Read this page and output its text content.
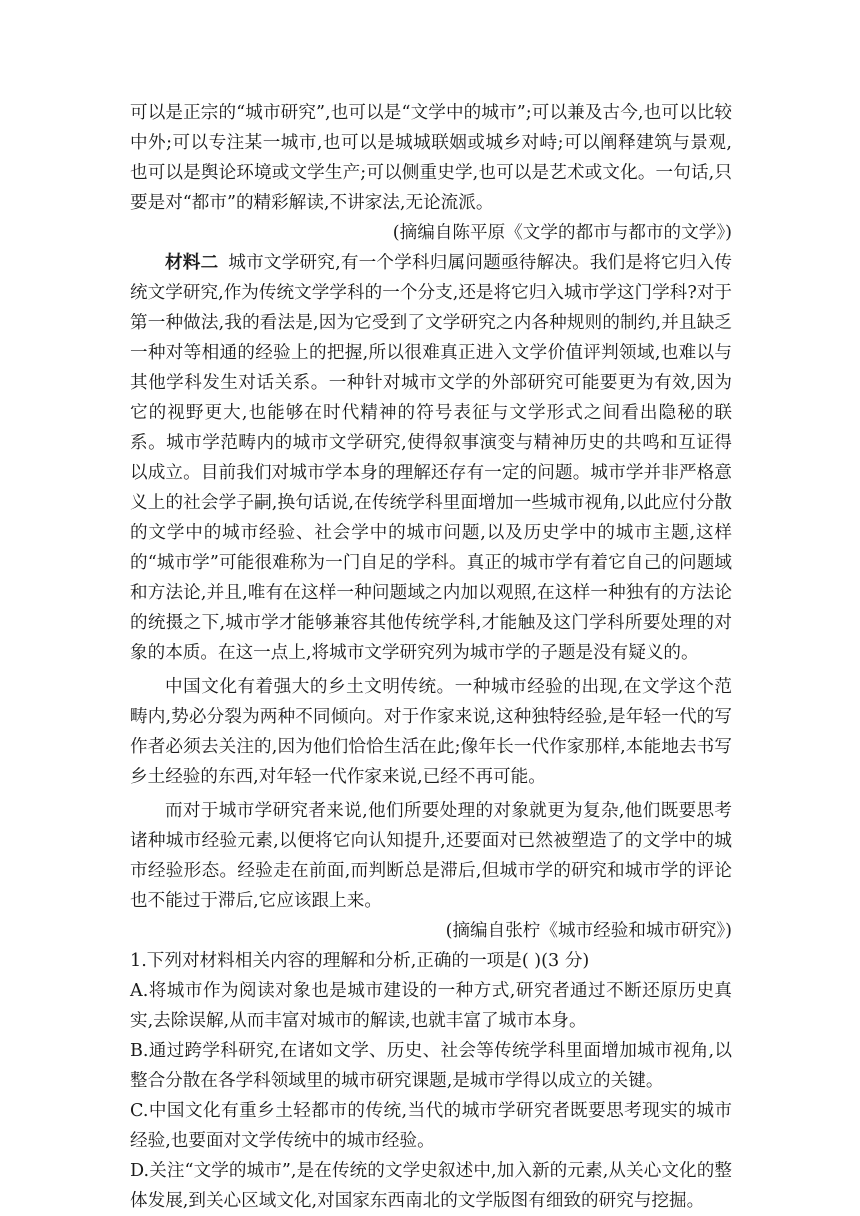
可以是正宗的“城市研究”,也可以是“文学中的城市”;可以兼及古今,也可以比较中外;可以专注某一城市,也可以是城城联姻或城乡对峙;可以阐释建筑与景观,也可以是舆论环境或文学生产;可以侧重史学,也可以是艺术或文化。一句话,只要是对“都市”的精彩解读,不讲家法,无论流派。

(摘编自陈平原《文学的都市与都市的文学》)

材料二 城市文学研究,有一个学科归属问题亟待解决。我们是将它归入传统文学研究,作为传统文学学科的一个分支,还是将它归入城市学这门学科?对于第一种做法,我的看法是,因为它受到了文学研究之内各种规则的制约,并且缺乏一种对等相通的经验上的把握,所以很难真正进入文学价值评判领域,也难以与其他学科发生对话关系。一种针对城市文学的外部研究可能要更为有效,因为它的视野更大,也能够在时代精神的符号表征与文学形式之间看出隐秘的联系。城市学范畴内的城市文学研究,使得叙事演变与精神历史的共鸣和互证得以成立。目前我们对城市学本身的理解还存有一定的问题。城市学并非严格意义上的社会学子嗣,换句话说,在传统学科里面增加一些城市视角,以此应付分散的文学中的城市经验、社会学中的城市问题,以及历史学中的城市主题,这样的“城市学”可能很难称为一门自足的学科。真正的城市学有着它自己的问题域和方法论,并且,唯有在这样一种问题域之内加以观照,在这样一种独有的方法论的统摄之下,城市学才能够兼容其他传统学科,才能触及这门学科所要处理的对象的本质。在这一点上,将城市文学研究列为城市学的子题是没有疑义的。

中国文化有着强大的乡土文明传统。一种城市经验的出现,在文学这个范畴内,势必分裂为两种不同倾向。对于作家来说,这种独特经验,是年轻一代的写作者必须去关注的,因为他们恰恰生活在此;像年长一代作家那样,本能地去书写乡土经验的东西,对年轻一代作家来说,已经不再可能。

而对于城市学研究者来说,他们所要处理的对象就更为复杂,他们既要思考诸种城市经验元素,以便将它向认知提升,还要面对已然被塑造了的文学中的城市经验形态。经验走在前面,而判断总是滞后,但城市学的研究和城市学的评论也不能过于滞后,它应该跟上来。

(摘编自张柠《城市经验和城市研究》)

1.下列对材料相关内容的理解和分析,正确的一项是( )(3 分)

A.将城市作为阅读对象也是城市建设的一种方式,研究者通过不断还原历史真实,去除误解,从而丰富对城市的解读,也就丰富了城市本身。

B.通过跨学科研究,在诸如文学、历史、社会等传统学科里面增加城市视角,以整合分散在各学科领域里的城市研究课题,是城市学得以成立的关键。

C.中国文化有重乡土轻都市的传统,当代的城市学研究者既要思考现实的城市经验,也要面对文学传统中的城市经验。

D.关注“文学的城市”,是在传统的文学史叙述中,加入新的元素,从关心文化的整体发展,到关心区域文化,对国家东西南北的文学版图有细致的研究与挖掘。
